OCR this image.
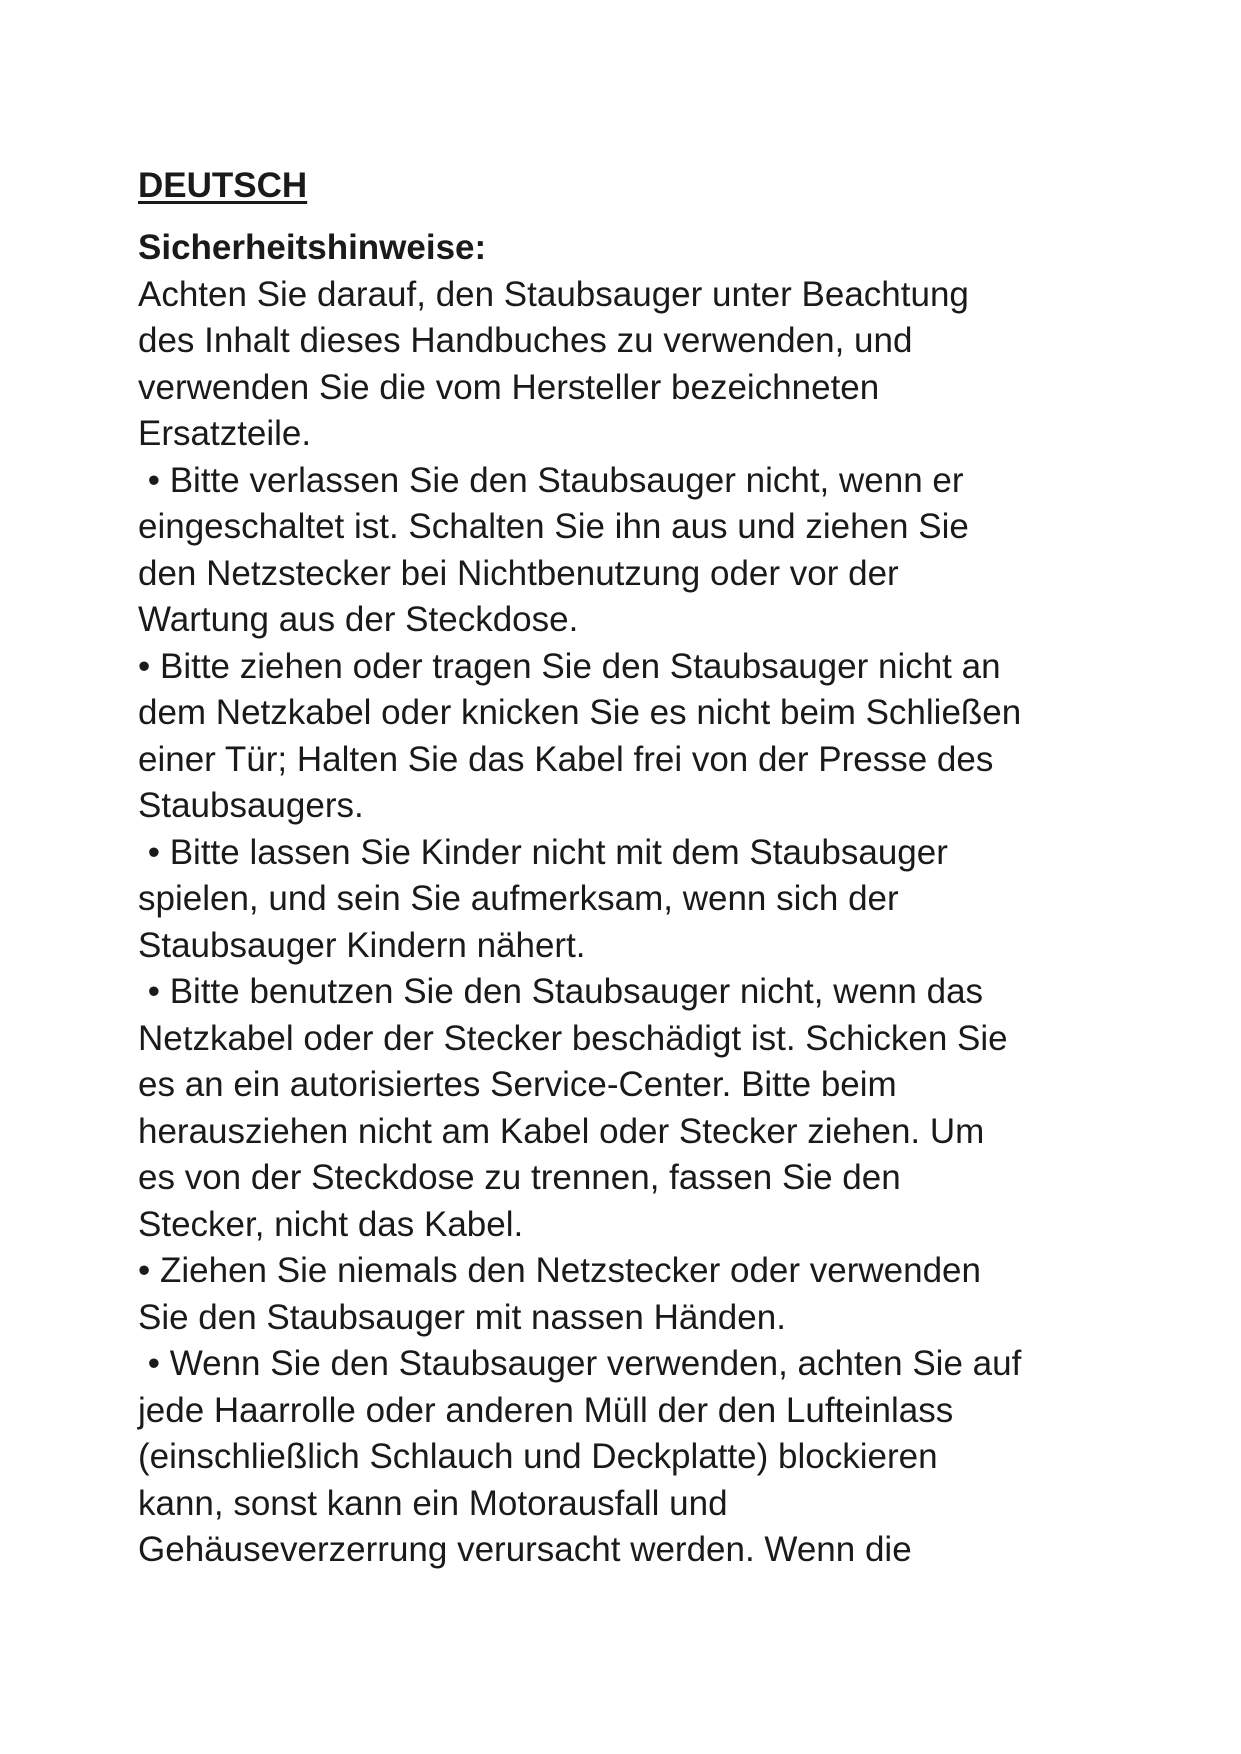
DEUTSCH
Sicherheitshinweise:

Achten Sie darauf, den Staubsauger unter Beachtung
des Inhalt dieses Handbuches zu verwenden, und
verwenden Sie die vom Hersteller bezeichneten
Ersatzteile.

• Bitte verlassen Sie den Staubsauger nicht, wenn er
eingeschaltet ist. Schalten Sie ihn aus und ziehen Sie
den Netzstecker bei Nichtbenutzung oder vor der
Wartung aus der Steckdose.

• Bitte ziehen oder tragen Sie den Staubsauger nicht an
dem Netzkabel oder knicken Sie es nicht beim Schließen
einer Tür; Halten Sie das Kabel frei von der Presse des
Staubsaugers.

• Bitte lassen Sie Kinder nicht mit dem Staubsauger
spielen, und sein Sie aufmerksam, wenn sich der
Staubsauger Kindern nähert.

• Bitte benutzen Sie den Staubsauger nicht, wenn das
Netzkabel oder der Stecker beschädigt ist. Schicken Sie
es an ein autorisiertes Service-Center. Bitte beim
herausziehen nicht am Kabel oder Stecker ziehen. Um
es von der Steckdose zu trennen, fassen Sie den
Stecker, nicht das Kabel.

• Ziehen Sie niemals den Netzstecker oder verwenden
Sie den Staubsauger mit nassen Händen.

• Wenn Sie den Staubsauger verwenden, achten Sie auf
jede Haarrolle oder anderen Müll der den Lufteinlass
(einschließlich Schlauch und Deckplatte) blockieren
kann, sonst kann ein Motorausfall und
Gehäuseverzerrung verursacht werden. Wenn die
